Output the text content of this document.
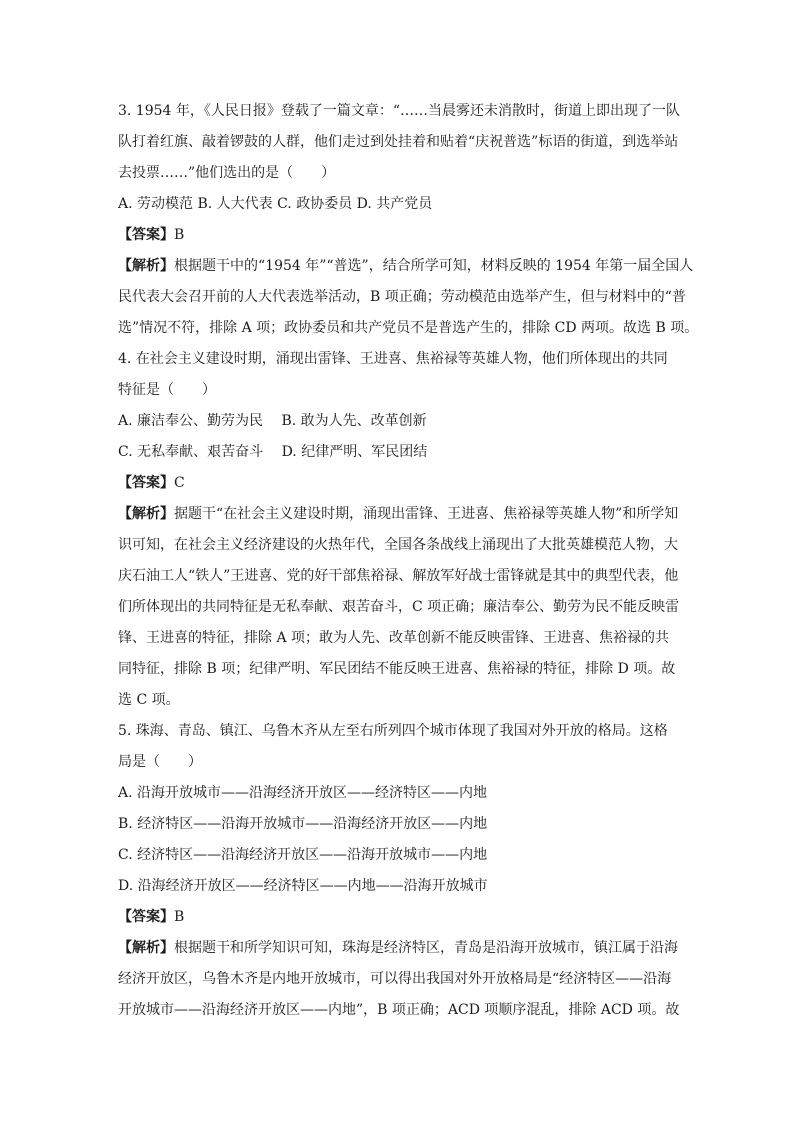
3. 1954 年，《人民日报》登载了一篇文章：“……当晨雾还未消散时，街道上即出现了一队
队打着红旗、敲着锣鼓的人群，他们走过到处挂着和贴着“庆祝普选”标语的街道，到选举站
去投票……”他们选出的是（　　）
A. 劳动模范 B. 人大代表 C. 政协委员 D. 共产党员
【答案】B
【解析】根据题干中的“1954 年”“普选”，结合所学可知，材料反映的 1954 年第一届全国人
民代表大会召开前的人大代表选举活动，B 项正确；劳动模范由选举产生，但与材料中的“普
选”情况不符，排除 A 项；政协委员和共产党员不是普选产生的，排除 CD 两项。故选 B 项。
4. 在社会主义建设时期，涌现出雷锋、王进喜、焦裕禄等英雄人物，他们所体现出的共同
特征是（　　）
A. 廉洁奉公、勤劳为民　 B. 敢为人先、改革创新
C. 无私奉献、艰苦奋斗　 D. 纪律严明、军民团结
【答案】C
【解析】据题干“在社会主义建设时期，涌现出雷锋、王进喜、焦裕禄等英雄人物”和所学知
识可知，在社会主义经济建设的火热年代，全国各条战线上涌现出了大批英雄模范人物，大
庆石油工人“铁人”王进喜、党的好干部焦裕禄、解放军好战士雷锋就是其中的典型代表，他
们所体现出的共同特征是无私奉献、艰苦奋斗，C 项正确；廉洁奉公、勤劳为民不能反映雷
锋、王进喜的特征，排除 A 项；敢为人先、改革创新不能反映雷锋、王进喜、焦裕禄的共
同特征，排除 B 项；纪律严明、军民团结不能反映王进喜、焦裕禄的特征，排除 D 项。故
选 C 项。
5. 珠海、青岛、镇江、乌鲁木齐从左至右所列四个城市体现了我国对外开放的格局。这格
局是（　　）
A. 沿海开放城市——沿海经济开放区——经济特区——内地
B. 经济特区——沿海开放城市——沿海经济开放区——内地
C. 经济特区——沿海经济开放区——沿海开放城市——内地
D. 沿海经济开放区——经济特区——内地——沿海开放城市
【答案】B
【解析】根据题干和所学知识可知，珠海是经济特区，青岛是沿海开放城市，镇江属于沿海
经济开放区，乌鲁木齐是内地开放城市，可以得出我国对外开放格局是“经济特区——沿海
开放城市——沿海经济开放区——内地”，B 项正确；ACD 项顺序混乱，排除 ACD 项。故
